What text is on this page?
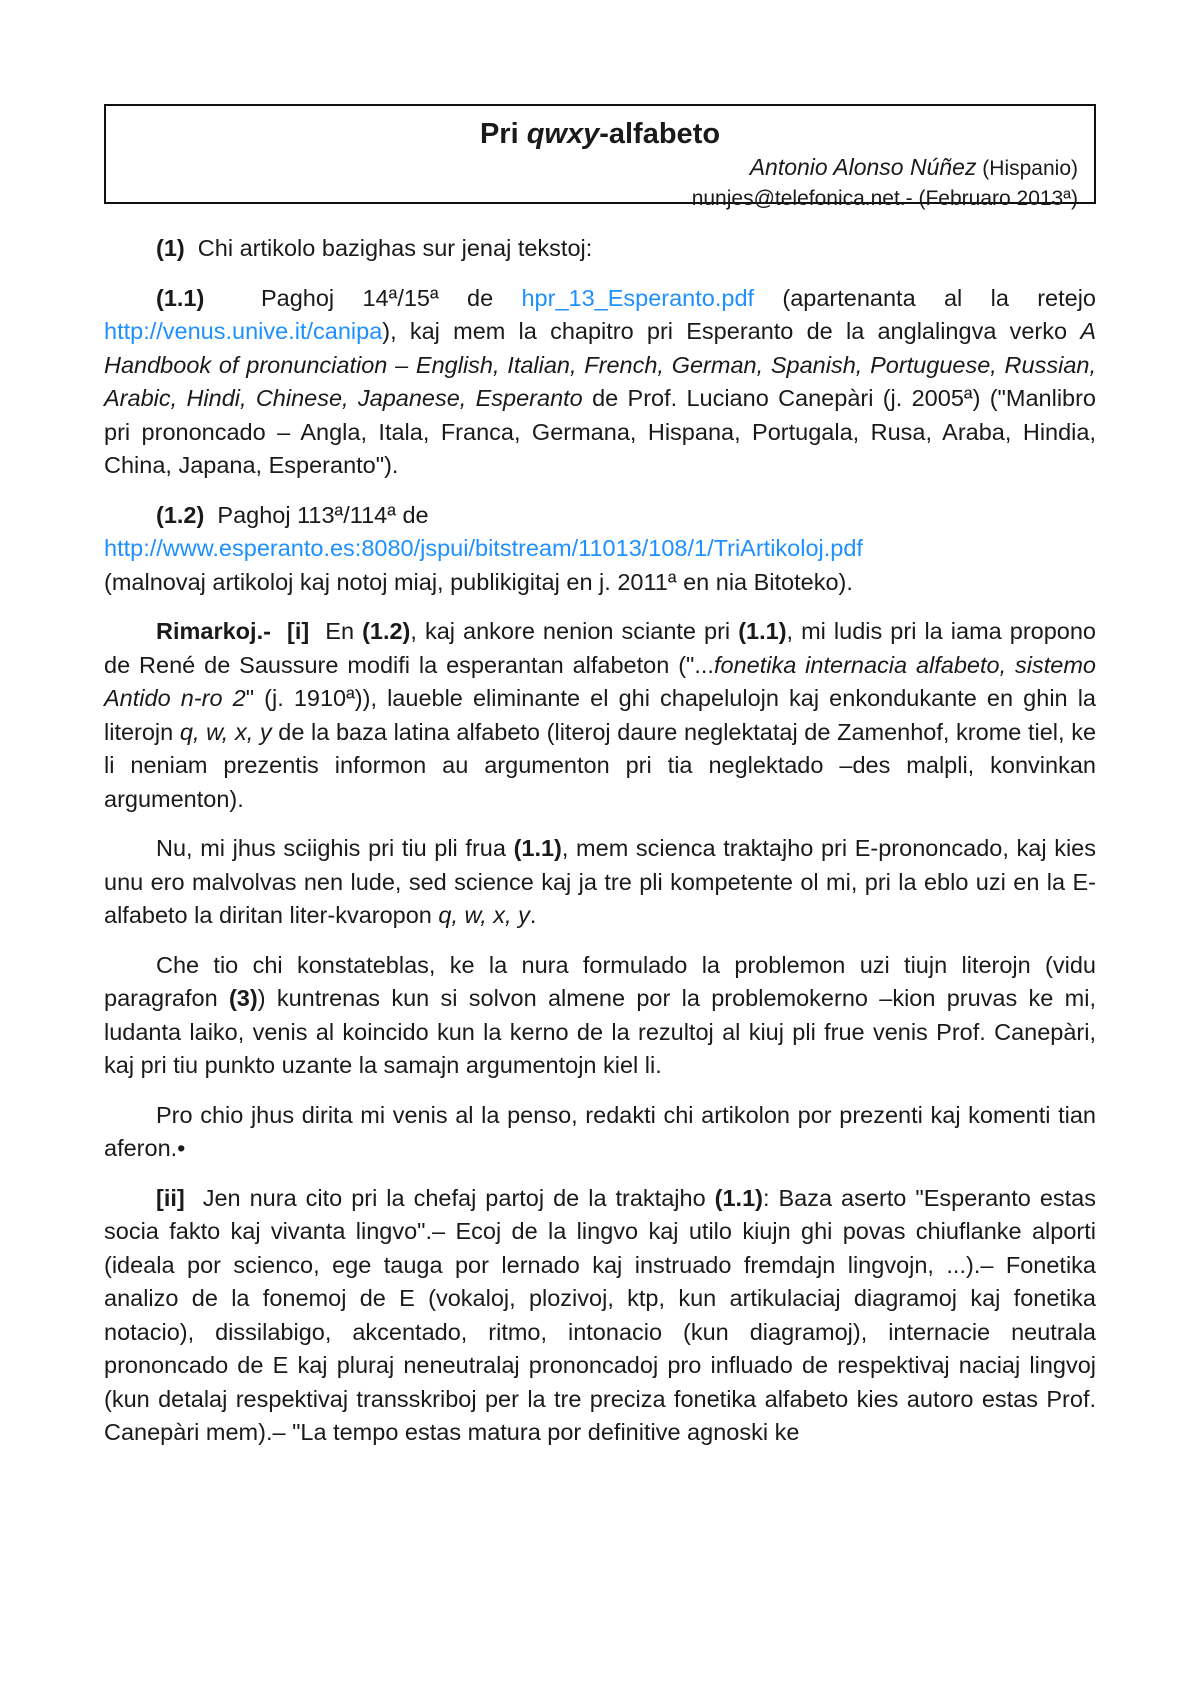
Pri qwxy-alfabeto
Antonio Alonso Núñez (Hispanio)
nunjes@telefonica.net.- (Februaro 2013ª)

(1) Chi artikolo bazighas sur jenaj tekstoj:

(1.1) Paghoj 14ª/15ª de hpr_13_Esperanto.pdf (apartenanta al la retejo http://venus.unive.it/canipa), kaj mem la chapitro pri Esperanto de la anglalingva verko A Handbook of pronunciation – English, Italian, French, German, Spanish, Portuguese, Russian, Arabic, Hindi, Chinese, Japanese, Esperanto de Prof. Luciano Canepàri (j. 2005ª) ("Manlibro pri prononcado – Angla, Itala, Franca, Germana, Hispana, Portugala, Rusa, Araba, Hindia, China, Japana, Esperanto").

(1.2) Paghoj 113ª/114ª de
http://www.esperanto.es:8080/jspui/bitstream/11013/108/1/TriArtikoloj.pdf
(malnovaj artikoloj kaj notoj miaj, publikigitaj en j. 2011ª en nia Bitoteko).

Rimarkoj.- [i] En (1.2), kaj ankore nenion sciante pri (1.1), mi ludis pri la iama propono de René de Saussure modifi la esperantan alfabeton ("...fonetika internacia alfabeto, sistemo Antido n-ro 2" (j. 1910ª)), laueble eliminante el ghi chapelulojn kaj enkondukante en ghin la literojn q, w, x, y de la baza latina alfabeto (literoj daure neglektataj de Zamenhof, krome tiel, ke li neniam prezentis informon au argumenton pri tia neglektado –des malpli, konvinkan argumenton).

Nu, mi jhus sciighis pri tiu pli frua (1.1), mem scienca traktajho pri E-prononcado, kaj kies unu ero malvolvas nen lude, sed science kaj ja tre pli kompetente ol mi, pri la eblo uzi en la E-alfabeto la diritan liter-kvaropon q, w, x, y.

Che tio chi konstateblas, ke la nura formulado la problemon uzi tiujn literojn (vidu paragrafon (3)) kuntrenas kun si solvon almene por la problemokerno –kion pruvas ke mi, ludanta laiko, venis al koincido kun la kerno de la rezultoj al kiuj pli frue venis Prof. Canepàri, kaj pri tiu punkto uzante la samajn argumentojn kiel li.

Pro chio jhus dirita mi venis al la penso, redakti chi artikolon por prezenti kaj komenti tian aferon.•

[ii] Jen nura cito pri la chefaj partoj de la traktajho (1.1): Baza aserto "Esperanto estas socia fakto kaj vivanta lingvo".– Ecoj de la lingvo kaj utilo kiujn ghi povas chiuflanke alporti (ideala por scienco, ege tauga por lernado kaj instruado fremdajn lingvojn, ...).– Fonetika analizo de la fonemoj de E (vokaloj, plozivoj, ktp, kun artikulaciaj diagramoj kaj fonetika notacio), dissilabigo, akcentado, ritmo, intonacio (kun diagramoj), internacie neutrala prononcado de E kaj pluraj neneutralaj prononcadoj pro influado de respektivaj naciaj lingvoj (kun detalaj respektivaj transskriboj per la tre preciza fonetika alfabeto kies autoro estas Prof. Canepàri mem).– "La tempo estas matura por definitive agnoski ke
